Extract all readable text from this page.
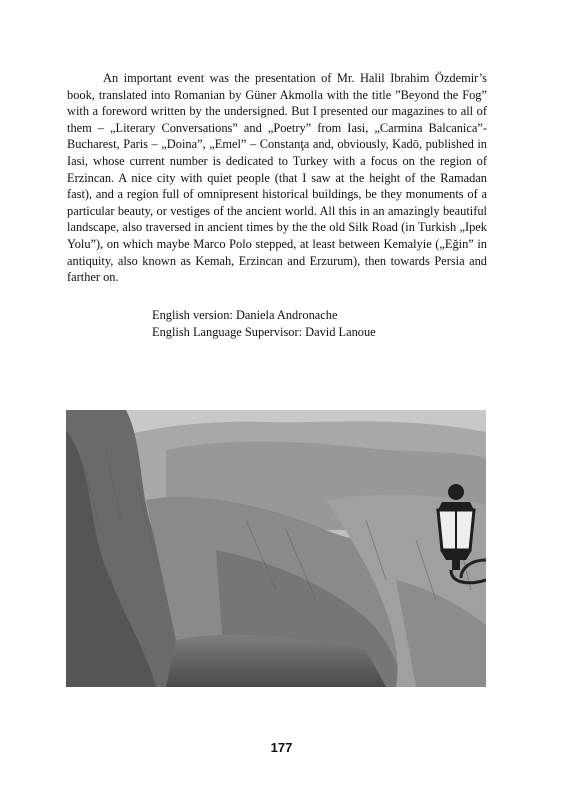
An important event was the presentation of Mr. Halil Ibrahim Özdemir’s book, translated into Romanian by Güner Akmolla with the title ”Beyond the Fog” with a foreword written by the undersigned. But I presented our magazines to all of them – „Literary Conversations” and „Poetry” from Iasi, „Carmina Balcanica”- Bucharest, Paris – „Doina”, „Emel” – Constanţa and, obviously, Kadō, published in Iasi, whose current number is dedicated to Turkey with a focus on the region of Erzincan. A nice city with quiet people (that I saw at the height of the Ramadan fast), and a region full of omnipresent historical buildings, be they monuments of a particular beauty, or vestiges of the ancient world. All this in an amazingly beautiful landscape, also traversed in ancient times by the the old Silk Road (in Turkish „Ipek Yolu”), on which maybe Marco Polo stepped, at least between Kemalyie („Eğin” in antiquity, also known as Kemah, Erzincan and Erzurum), then towards Persia and farther on.

English version: Daniela Andronache
English Language Supervisor: David Lanoue
177
